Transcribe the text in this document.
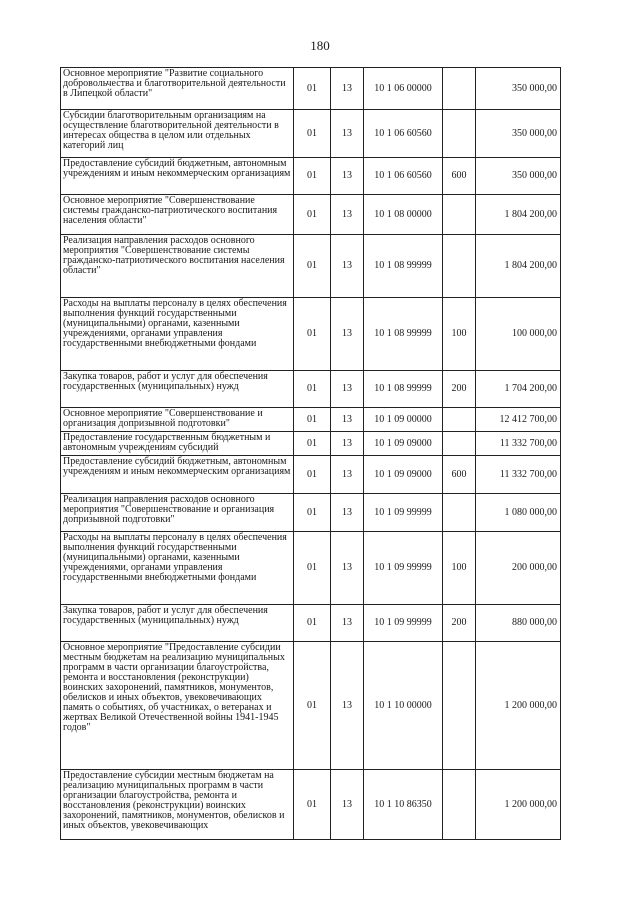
180
Основное мероприятие "Развитие социального добровольчества и благотворительной деятельности в Липецкой области"	01	13	10 1 06 00000		350 000,00
Субсидии благотворительным организациям на осуществление благотворительной деятельности в интересах общества в целом или отдельных категорий лиц	01	13	10 1 06 60560		350 000,00
Предоставление субсидий бюджетным, автономным учреждениям и иным некоммерческим организациям	01	13	10 1 06 60560	600	350 000,00
Основное мероприятие "Совершенствование системы гражданско-патриотического воспитания населения области"	01	13	10 1 08 00000		1 804 200,00
Реализация направления расходов основного мероприятия "Совершенствование системы гражданско-патриотического воспитания населения области"	01	13	10 1 08 99999		1 804 200,00
Расходы на выплаты персоналу в целях обеспечения выполнения функций государственными (муниципальными) органами, казенными учреждениями, органами управления государственными внебюджетными фондами	01	13	10 1 08 99999	100	100 000,00
Закупка товаров, работ и услуг для обеспечения государственных (муниципальных) нужд	01	13	10 1 08 99999	200	1 704 200,00
Основное мероприятие "Совершенствование и организация допризывной подготовки"	01	13	10 1 09 00000		12 412 700,00
Предоставление государственным бюджетным и автономным учреждениям субсидий	01	13	10 1 09 09000		11 332 700,00
Предоставление субсидий бюджетным, автономным учреждениям и иным некоммерческим организациям	01	13	10 1 09 09000	600	11 332 700,00
Реализация направления расходов основного мероприятия "Совершенствование и организация допризывной подготовки"	01	13	10 1 09 99999		1 080 000,00
Расходы на выплаты персоналу в целях обеспечения выполнения функций государственными (муниципальными) органами, казенными учреждениями, органами управления государственными внебюджетными фондами	01	13	10 1 09 99999	100	200 000,00
Закупка товаров, работ и услуг для обеспечения государственных (муниципальных) нужд	01	13	10 1 09 99999	200	880 000,00
Основное мероприятие "Предоставление субсидии местным бюджетам на реализацию муниципальных программ в части организации благоустройства, ремонта и восстановления (реконструкции) воинских захоронений, памятников, монументов, обелисков и иных объектов, увековечивающих память о событиях, об участниках, о ветеранах и жертвах Великой Отечественной войны 1941-1945 годов"	01	13	10 1 10 00000		1 200 000,00
Предоставление субсидии местным бюджетам на реализацию муниципальных программ в части организации благоустройства, ремонта и восстановления (реконструкции) воинских захоронений, памятников, монументов, обелисков и иных объектов, увековечивающих	01	13	10 1 10 86350		1 200 000,00
